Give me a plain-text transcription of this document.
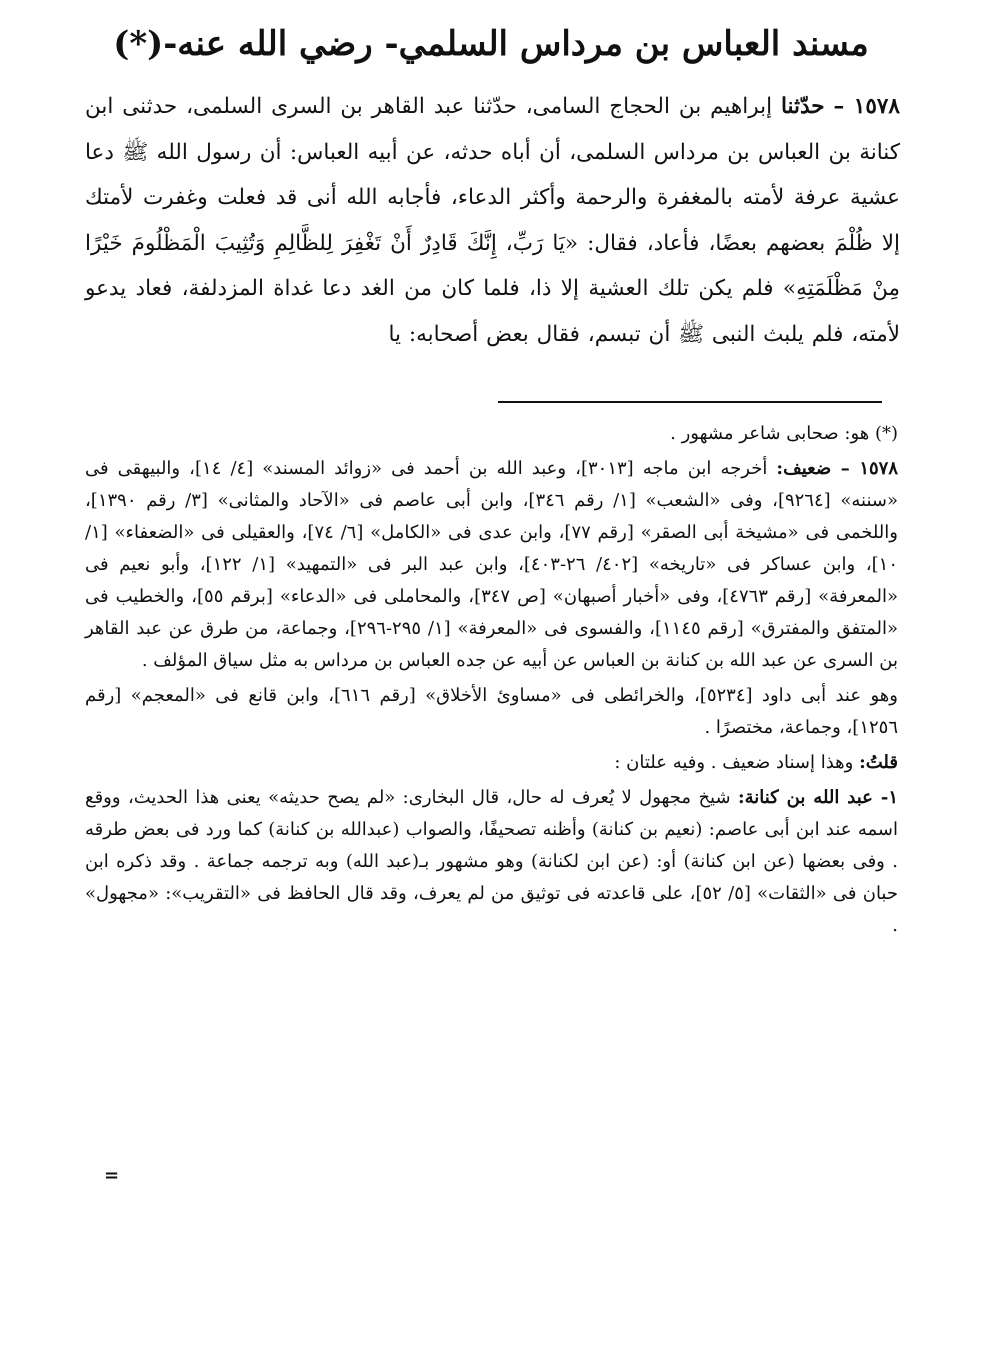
مسند العباس بن مرداس السلمي- رضي الله عنه-(*)
١٥٧٨ – حدّثنا إبراهيم بن الحجاج السامى، حدّثنا عبد القاهر بن السرى السلمى، حدثنى ابن كنانة بن العباس بن مرداس السلمى، أن أباه حدثه، عن أبيه العباس: أن رسول الله ﷺ دعا عشية عرفة لأمته بالمغفرة والرحمة وأكثر الدعاء، فأجابه الله أنى قد فعلت وغفرت لأمتك إلا ظُلْمَ بعضهم بعضًا، فأعاد، فقال: «يَا رَبِّ، إِنَّكَ قَادِرٌ أَنْ تَغْفِرَ لِلظَّالِمِ وَتُثِيبَ الْمَظْلُومَ خَيْرًا مِنْ مَظْلَمَتِهِ» فلم يكن تلك العشية إلا ذا، فلما كان من الغد دعا غداة المزدلفة، فعاد يدعو لأمته، فلم يلبث النبى ﷺ أن تبسم، فقال بعض أصحابه: يا

(*) هو: صحابى شاعر مشهور .

١٥٧٨ – ضعيف: أخرجه ابن ماجه [٣٠١٣]، وعبد الله بن أحمد فى «زوائد المسند» [٤/ ١٤]، والبيهقى فى «سننه» [٩٢٦٤]، وفى «الشعب» [١/ رقم ٣٤٦]، وابن أبى عاصم فى «الآحاد والمثانى» [٣/ رقم ١٣٩٠]، واللخمى فى «مشيخة أبى الصقر» [رقم ٧٧]، وابن عدى فى «الكامل» [٦/ ٧٤]، والعقيلى فى «الضعفاء» [١/ ١٠]، وابن عساكر فى «تاريخه» [٤٠٢/ ٢٦-٤٠٣]، وابن عبد البر فى «التمهيد» [١/ ١٢٢]، وأبو نعيم فى «المعرفة» [رقم ٤٧٦٣]، وفى «أخبار أصبهان» [ص ٣٤٧]، والمحاملى فى «الدعاء» [برقم ٥٥]، والخطيب فى «المتفق والمفترق» [رقم ١١٤٥]، والفسوى فى «المعرفة» [١/ ٢٩٥-٢٩٦]، وجماعة، من طرق عن عبد القاهر بن السرى عن عبد الله بن كنانة بن العباس عن أبيه عن جده العباس بن مرداس به مثل سياق المؤلف .

وهو عند أبى داود [٥٢٣٤]، والخرائطى فى «مساوئ الأخلاق» [رقم ٦١٦]، وابن قانع فى «المعجم» [رقم ١٢٥٦]، وجماعة، مختصرًا .

قلتُ: وهذا إسناد ضعيف . وفيه علتان :

١- عبد الله بن كنانة: شيخ مجهول لا يُعرف له حال، قال البخارى: «لم يصح حديثه» يعنى هذا الحديث، ووقع اسمه عند ابن أبى عاصم: (نعيم بن كنانة) وأظنه تصحيفًا، والصواب (عبدالله بن كنانة) كما ورد فى بعض طرقه . وفى بعضها (عن ابن كنانة) أو: (عن ابن لكنانة) وهو مشهور بـ(عبد الله) وبه ترجمه جماعة . وقد ذكره ابن حبان فى «الثقات» [٥/ ٥٢]، على قاعدته فى توثيق من لم يعرف، وقد قال الحافظ فى «التقريب»: «مجهول» .

=
